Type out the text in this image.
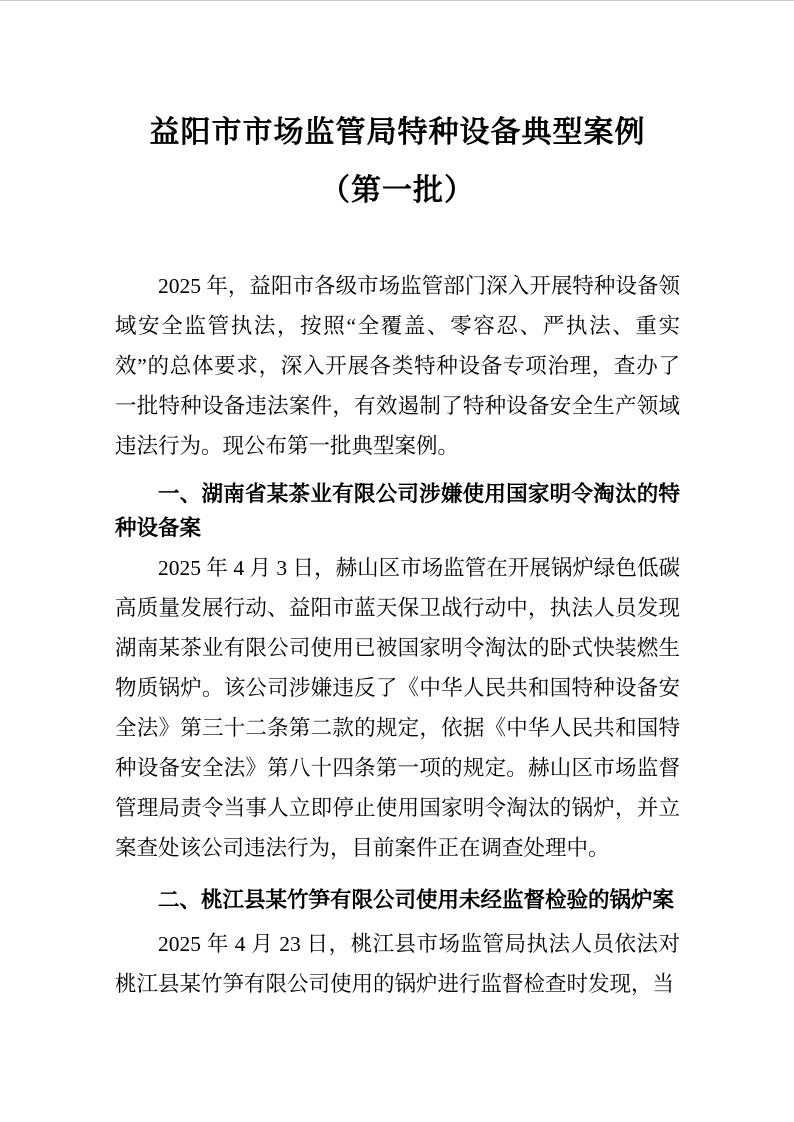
益阳市市场监管局特种设备典型案例
（第一批）

2025 年，益阳市各级市场监管部门深入开展特种设备领域安全监管执法，按照“全覆盖、零容忍、严执法、重实效”的总体要求，深入开展各类特种设备专项治理，查办了一批特种设备违法案件，有效遏制了特种设备安全生产领域违法行为。现公布第一批典型案例。

一、湖南省某茶业有限公司涉嫌使用国家明令淘汰的特种设备案

2025 年 4 月 3 日，赫山区市场监管在开展锅炉绿色低碳高质量发展行动、益阳市蓝天保卫战行动中，执法人员发现湖南某茶业有限公司使用已被国家明令淘汰的卧式快装燃生物质锅炉。该公司涉嫌违反了《中华人民共和国特种设备安全法》第三十二条第二款的规定，依据《中华人民共和国特种设备安全法》第八十四条第一项的规定。赫山区市场监督管理局责令当事人立即停止使用国家明令淘汰的锅炉，并立案查处该公司违法行为，目前案件正在调查处理中。

二、桃江县某竹笋有限公司使用未经监督检验的锅炉案

2025 年 4 月 23 日，桃江县市场监管局执法人员依法对桃江县某竹笋有限公司使用的锅炉进行监督检查时发现，当
